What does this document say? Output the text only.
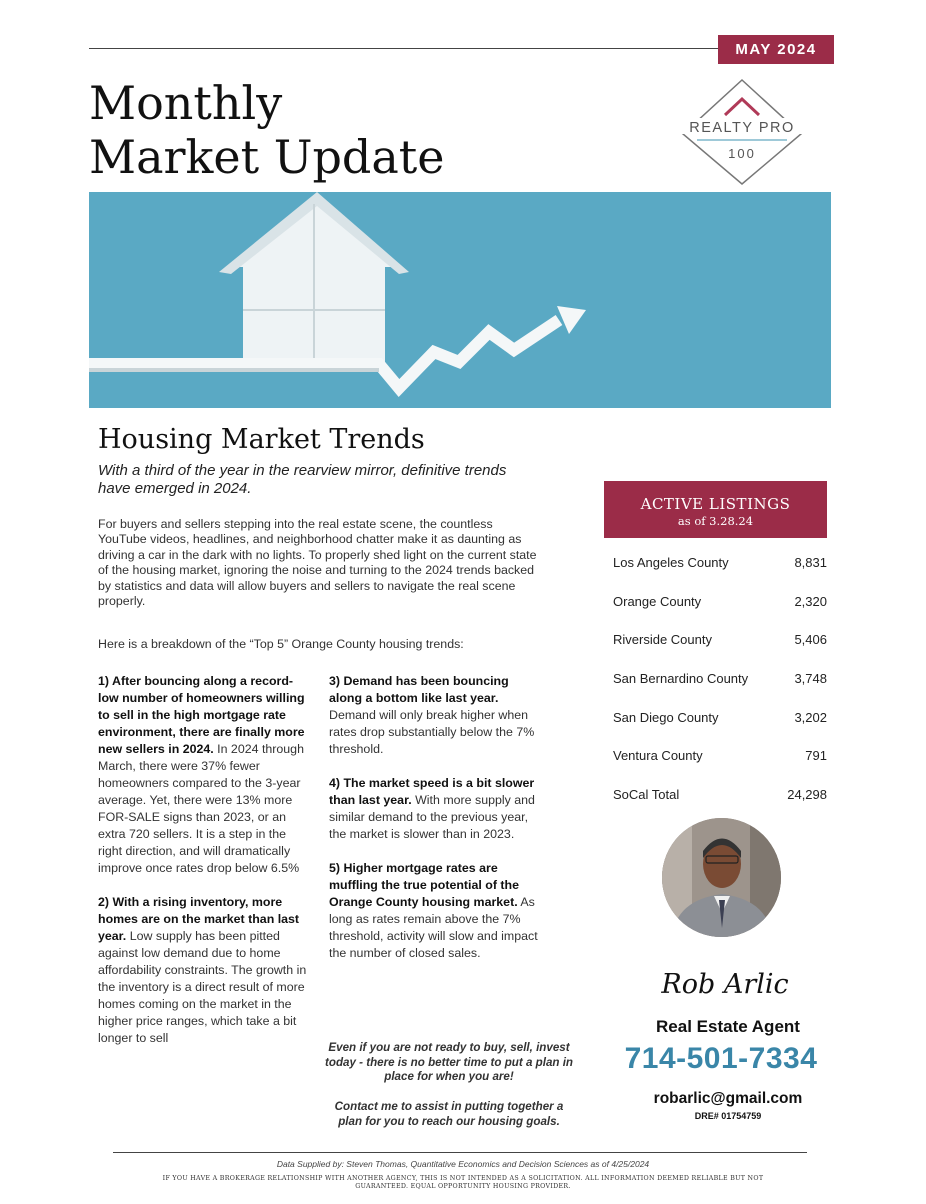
MAY 2024
Monthly
Market Update
REALTY PRO
100
Housing Market Trends
With a third of the year in the rearview mirror, definitive trends have emerged in 2024.
For buyers and sellers stepping into the real estate scene, the countless YouTube videos, headlines, and neighborhood chatter make it as daunting as driving a car in the dark with no lights. To properly shed light on the current state of the housing market, ignoring the noise and turning to the 2024 trends backed by statistics and data will allow buyers and sellers to navigate the real scene properly.
Here is a breakdown of the “Top 5” Orange County housing trends:

1) After bouncing along a record-low number of homeowners willing to sell in the high mortgage rate environment, there are finally more new sellers in 2024. In 2024 through March, there were 37% fewer homeowners compared to the 3-year average. Yet, there were 13% more FOR-SALE signs than 2023, or an extra 720 sellers. It is a step in the right direction, and will dramatically improve once rates drop below 6.5%

2) With a rising inventory, more homes are on the market than last year. Low supply has been pitted against low demand due to home affordability constraints. The growth in the inventory is a direct result of more homes coming on the market in the higher price ranges, which take a bit longer to sell

3) Demand has been bouncing along a bottom like last year. Demand will only break higher when rates drop substantially below the 7% threshold.

4) The market speed is a bit slower than last year. With more supply and similar demand to the previous year, the market is slower than in 2023.

5) Higher mortgage rates are muffling the true potential of the Orange County housing market. As long as rates remain above the 7% threshold, activity will slow and impact the number of closed sales.

Even if you are not ready to buy, sell, invest today - there is no better time to put a plan in place for when you are!
Contact me to assist in putting together a plan for you to reach our housing goals.
ACTIVE LISTINGS
as of 3.28.24
Los Angeles County	8,831
Orange County	2,320
Riverside County	5,406
San Bernardino County	3,748
San Diego County	3,202
Ventura County	791
SoCal Total	24,298
Rob Arlic
Real Estate Agent
714-501-7334
robarlic@gmail.com
DRE# 01754759
Data Supplied by: Steven Thomas, Quantitative Economics and Decision Sciences as of 4/25/2024
IF YOU HAVE A BROKERAGE RELATIONSHIP WITH ANOTHER AGENCY, THIS IS NOT INTENDED AS A SOLICITATION. ALL INFORMATION DEEMED RELIABLE BUT NOT GUARANTEED. EQUAL OPPORTUNITY HOUSING PROVIDER.
